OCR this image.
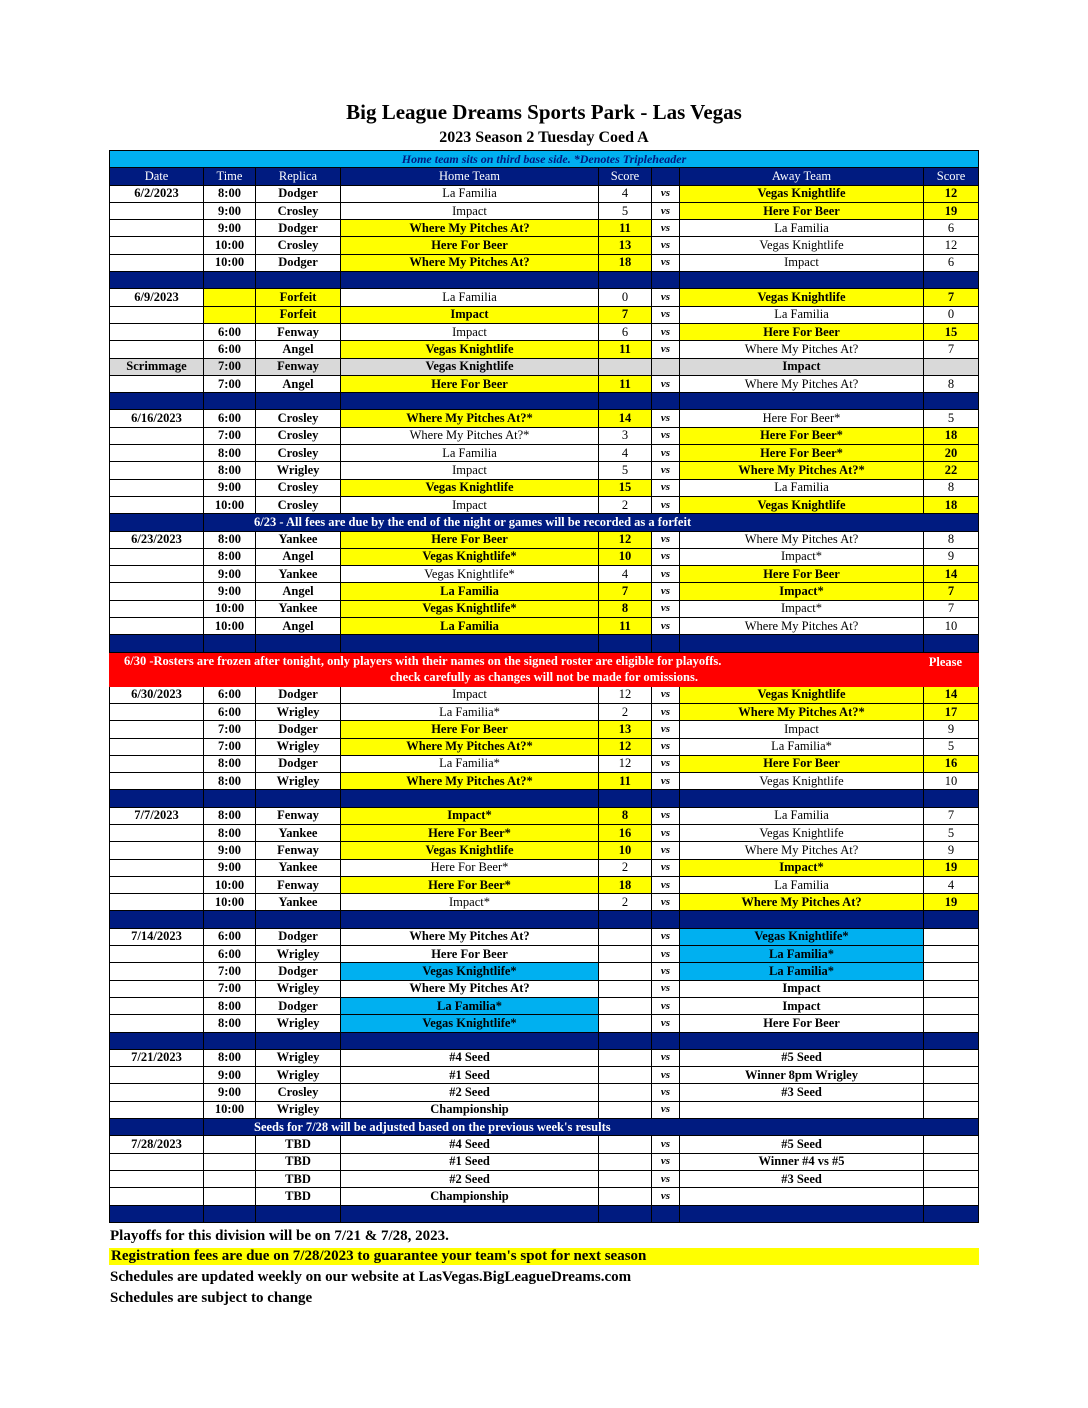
Big League Dreams Sports Park - Las Vegas
2023 Season 2 Tuesday Coed A
Home team sits on third base side. *Denotes Tripleheader							
Date	Time	Replica	Home Team	Score		Away Team	Score
6/2/2023	8:00	Dodger	La Familia	4	vs	Vegas Knightlife	12
	9:00	Crosley	Impact	5	vs	Here For Beer	19
	9:00	Dodger	Where My Pitches At?	11	vs	La Familia	6
	10:00	Crosley	Here For Beer	13	vs	Vegas Knightlife	12
	10:00	Dodger	Where My Pitches At?	18	vs	Impact	6

6/9/2023		Forfeit	La Familia	0	vs	Vegas Knightlife	7
		Forfeit	Impact	7	vs	La Familia	0
	6:00	Fenway	Impact	6	vs	Here For Beer	15
	6:00	Angel	Vegas Knightlife	11	vs	Where My Pitches At?	7
Scrimmage	7:00	Fenway	Vegas Knightlife			Impact	
	7:00	Angel	Here For Beer	11	vs	Where My Pitches At?	8

6/16/2023	6:00	Crosley	Where My Pitches At?*	14	vs	Here For Beer*	5
	7:00	Crosley	Where My Pitches At?*	3	vs	Here For Beer*	18
	8:00	Crosley	La Familia	4	vs	Here For Beer*	20
	8:00	Wrigley	Impact	5	vs	Where My Pitches At?*	22
	9:00	Crosley	Vegas Knightlife	15	vs	La Familia	8
	10:00	Crosley	Impact	2	vs	Vegas Knightlife	18
	6/23 - All fees are due by the end of the night or games will be recorded as a forfeit						
6/23/2023	8:00	Yankee	Here For Beer	12	vs	Where My Pitches At?	8
	8:00	Angel	Vegas Knightlife*	10	vs	Impact*	9
	9:00	Yankee	Vegas Knightlife*	4	vs	Here For Beer	14
	9:00	Angel	La Familia	7	vs	Impact*	7
	10:00	Yankee	Vegas Knightlife*	8	vs	Impact*	7
	10:00	Angel	La Familia	11	vs	Where My Pitches At?	10

6/30 -Rosters are frozen after tonight, only players with their names on the signed roster are eligible for playoffs. Please
check carefully as changes will not be made for omissions.							

6/30/2023	6:00	Dodger	Impact	12	vs	Vegas Knightlife	14
	6:00	Wrigley	La Familia*	2	vs	Where My Pitches At?*	17
	7:00	Dodger	Here For Beer	13	vs	Impact	9
	7:00	Wrigley	Where My Pitches At?*	12	vs	La Familia*	5
	8:00	Dodger	La Familia*	12	vs	Here For Beer	16
	8:00	Wrigley	Where My Pitches At?*	11	vs	Vegas Knightlife	10

7/7/2023	8:00	Fenway	Impact*	8	vs	La Familia	7
	8:00	Yankee	Here For Beer*	16	vs	Vegas Knightlife	5
	9:00	Fenway	Vegas Knightlife	10	vs	Where My Pitches At?	9
	9:00	Yankee	Here For Beer*	2	vs	Impact*	19
	10:00	Fenway	Here For Beer*	18	vs	La Familia	4
	10:00	Yankee	Impact*	2	vs	Where My Pitches At?	19

7/14/2023	6:00	Dodger	Where My Pitches At?		vs	Vegas Knightlife*	
	6:00	Wrigley	Here For Beer		vs	La Familia*	
	7:00	Dodger	Vegas Knightlife*		vs	La Familia*	
	7:00	Wrigley	Where My Pitches At?		vs	Impact	
	8:00	Dodger	La Familia*		vs	Impact	
	8:00	Wrigley	Vegas Knightlife*		vs	Here For Beer	

7/21/2023	8:00	Wrigley	#4 Seed		vs	#5 Seed	
	9:00	Wrigley	#1 Seed		vs	Winner 8pm Wrigley	
	9:00	Crosley	#2 Seed		vs	#3 Seed	
	10:00	Wrigley	Championship		vs		
	Seeds for 7/28 will be adjusted based on the previous week's results						
7/28/2023		TBD	#4 Seed		vs	#5 Seed	
		TBD	#1 Seed		vs	Winner #4 vs #5	
		TBD	#2 Seed		vs	#3 Seed	
		TBD	Championship		vs		

Playoffs for this division will be on 7/21 & 7/28, 2023.
Registration fees are due on 7/28/2023 to guarantee your team's spot for next season
Schedules are updated weekly on our website at LasVegas.BigLeagueDreams.com
Schedules are subject to change
